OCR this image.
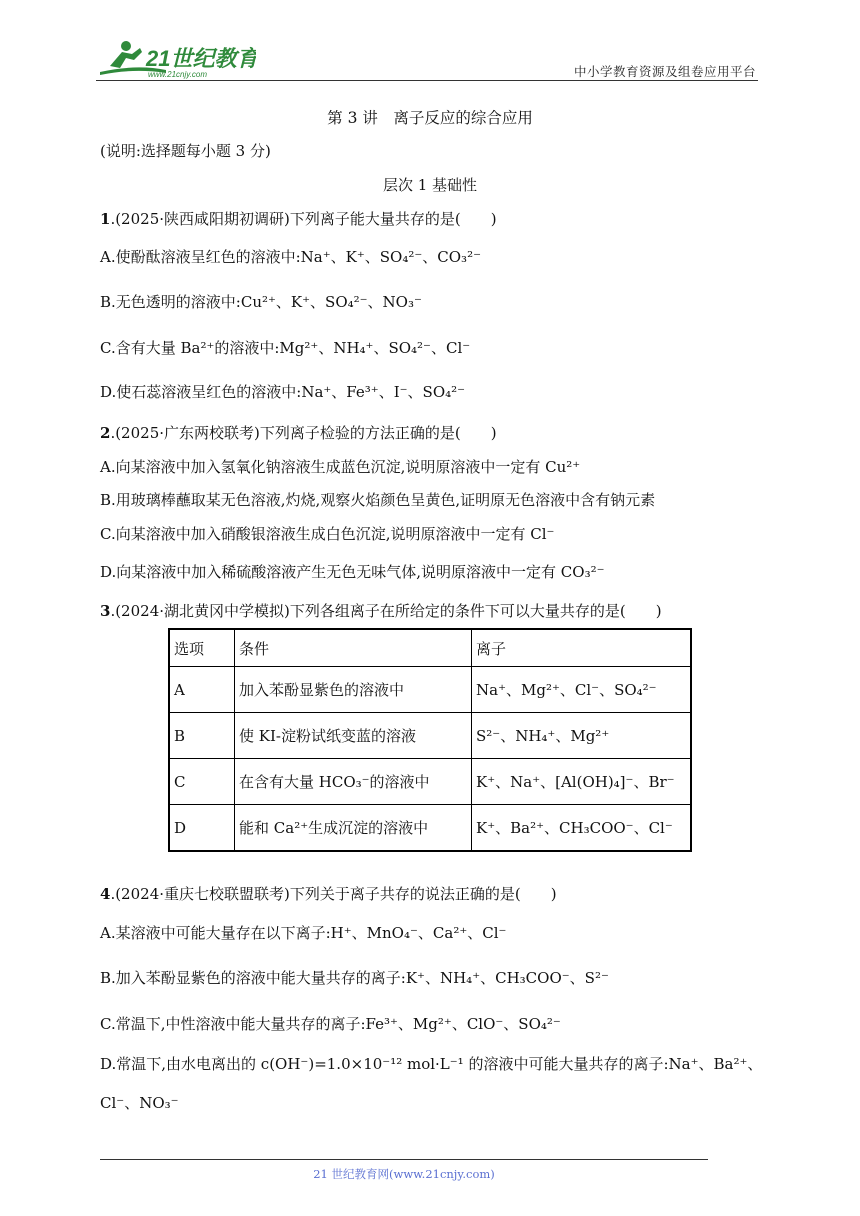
21世纪教育
www.21cnjy.com	中小学教育资源及组卷应用平台
第 3 讲　离子反应的综合应用
(说明:选择题每小题 3 分)
层次 1 基础性
1.(2025·陕西咸阳期初调研)下列离子能大量共存的是(　　)
A.使酚酞溶液呈红色的溶液中:Na⁺、K⁺、SO₄²⁻、CO₃²⁻
B.无色透明的溶液中:Cu²⁺、K⁺、SO₄²⁻、NO₃⁻
C.含有大量 Ba²⁺的溶液中:Mg²⁺、NH₄⁺、SO₄²⁻、Cl⁻
D.使石蕊溶液呈红色的溶液中:Na⁺、Fe³⁺、I⁻、SO₄²⁻
2.(2025·广东两校联考)下列离子检验的方法正确的是(　　)
A.向某溶液中加入氢氧化钠溶液生成蓝色沉淀,说明原溶液中一定有 Cu²⁺
B.用玻璃棒蘸取某无色溶液,灼烧,观察火焰颜色呈黄色,证明原无色溶液中含有钠元素
C.向某溶液中加入硝酸银溶液生成白色沉淀,说明原溶液中一定有 Cl⁻
D.向某溶液中加入稀硫酸溶液产生无色无味气体,说明原溶液中一定有 CO₃²⁻
3.(2024·湖北黄冈中学模拟)下列各组离子在所给定的条件下可以大量共存的是(　　)
选项	条件	离子
A	加入苯酚显紫色的溶液中	Na⁺、Mg²⁺、Cl⁻、SO₄²⁻
B	使 KI-淀粉试纸变蓝的溶液	S²⁻、NH₄⁺、Mg²⁺
C	在含有大量 HCO₃⁻的溶液中	K⁺、Na⁺、[Al(OH)₄]⁻、Br⁻
D	能和 Ca²⁺生成沉淀的溶液中	K⁺、Ba²⁺、CH₃COO⁻、Cl⁻
4.(2024·重庆七校联盟联考)下列关于离子共存的说法正确的是(　　)
A.某溶液中可能大量存在以下离子:H⁺、MnO₄⁻、Ca²⁺、Cl⁻
B.加入苯酚显紫色的溶液中能大量共存的离子:K⁺、NH₄⁺、CH₃COO⁻、S²⁻
C.常温下,中性溶液中能大量共存的离子:Fe³⁺、Mg²⁺、ClO⁻、SO₄²⁻
D.常温下,由水电离出的 c(OH⁻)=1.0×10⁻¹² mol·L⁻¹ 的溶液中可能大量共存的离子:Na⁺、Ba²⁺、
Cl⁻、NO₃⁻
21 世纪教育网(www.21cnjy.com)
